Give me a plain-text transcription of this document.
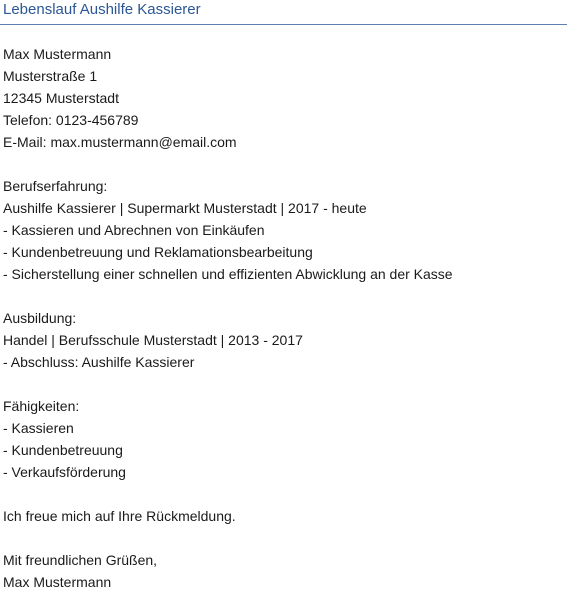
Lebenslauf Aushilfe Kassierer
Max Mustermann
Musterstraße 1
12345 Musterstadt
Telefon: 0123-456789
E-Mail: max.mustermann@email.com
Berufserfahrung:
Aushilfe Kassierer | Supermarkt Musterstadt | 2017 - heute
- Kassieren und Abrechnen von Einkäufen
- Kundenbetreuung und Reklamationsbearbeitung
- Sicherstellung einer schnellen und effizienten Abwicklung an der Kasse
Ausbildung:
Handel | Berufsschule Musterstadt | 2013 - 2017
- Abschluss: Aushilfe Kassierer
Fähigkeiten:
- Kassieren
- Kundenbetreuung
- Verkaufsförderung
Ich freue mich auf Ihre Rückmeldung.
Mit freundlichen Grüßen,
Max Mustermann
